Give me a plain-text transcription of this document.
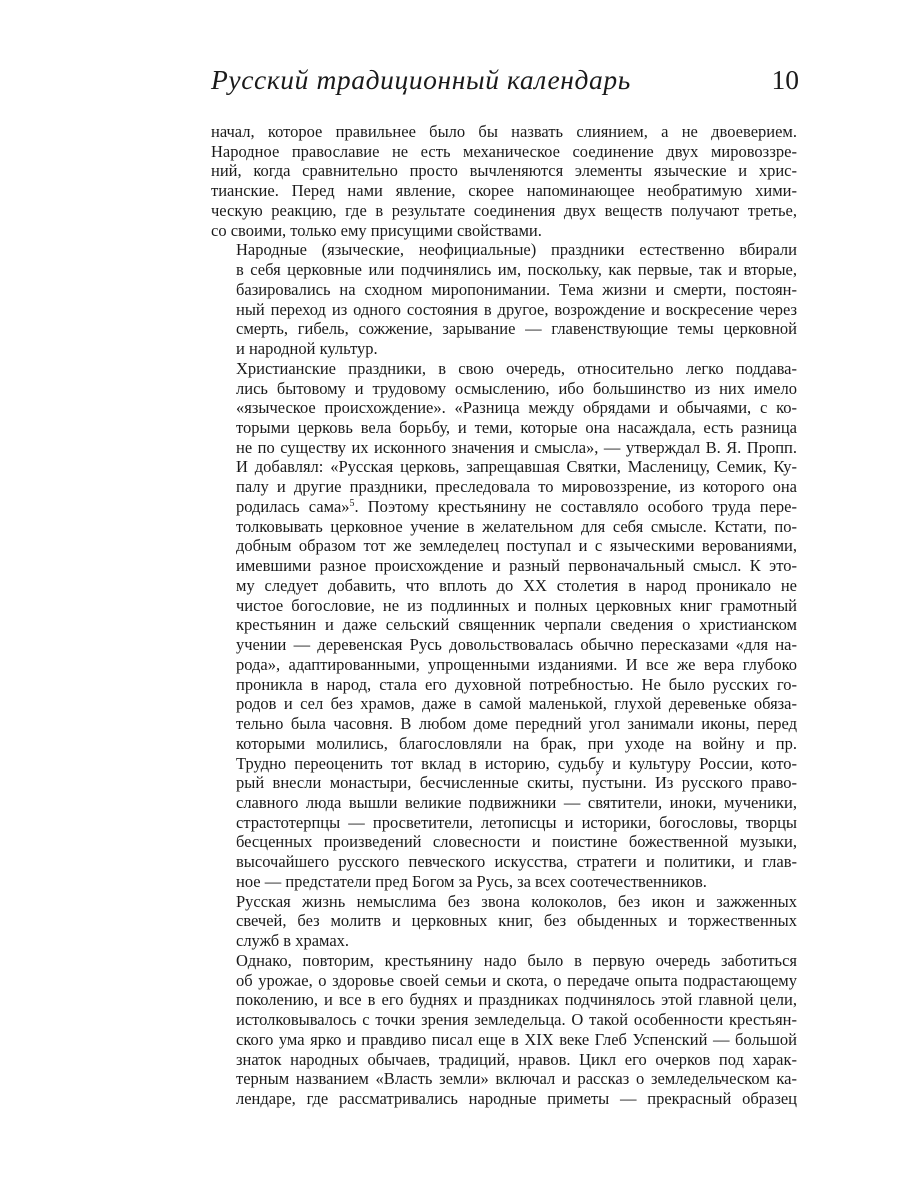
Русский традиционный календарь	10
начал, которое правильнее было бы назвать слиянием, а не двоеверием.
Народное православие не есть механическое соединение двух мировоззре-
ний, когда сравнительно просто вычленяются элементы языческие и хрис-
тианские. Перед нами явление, скорее напоминающее необратимую хими-
ческую реакцию, где в результате соединения двух веществ получают третье,
со своими, только ему присущими свойствами.
Народные (языческие, неофициальные) праздники естественно вбирали
в себя церковные или подчинялись им, поскольку, как первые, так и вторые,
базировались на сходном миропонимании. Тема жизни и смерти, постоян-
ный переход из одного состояния в другое, возрождение и воскресение через
смерть, гибель, сожжение, зарывание — главенствующие темы церковной
и народной культур.
Христианские праздники, в свою очередь, относительно легко поддава-
лись бытовому и трудовому осмыслению, ибо большинство из них имело
«языческое происхождение». «Разница между обрядами и обычаями, с ко-
торыми церковь вела борьбу, и теми, которые она насаждала, есть разница
не по существу их исконного значения и смысла», — утверждал В. Я. Пропп.
И добавлял: «Русская церковь, запрещавшая Святки, Масленицу, Семик, Ку-
палу и другие праздники, преследовала то мировоззрение, из которого она
родилась сама»$^5$. Поэтому крестьянину не составляло особого труда пере-
толковывать церковное учение в желательном для себя смысле. Кстати, по-
добным образом тот же земледелец поступал и с языческими верованиями,
имевшими разное происхождение и разный первоначальный смысл. К это-
му следует добавить, что вплоть до XX столетия в народ проникало не
чистое богословие, не из подлинных и полных церковных книг грамотный
крестьянин и даже сельский священник черпали сведения о христианском
учении — деревенская Русь довольствовалась обычно пересказами «для на-
рода», адаптированными, упрощенными изданиями. И все же вера глубоко
проникла в народ, стала его духовной потребностью. Не было русских го-
родов и сел без храмов, даже в самой маленькой, глухой деревеньке обяза-
тельно была часовня. В любом доме передний угол занимали иконы, перед
которыми молились, благословляли на брак, при уходе на войну и пр.
Трудно переоценить тот вклад в историю, судьбу и культуру России, кото-
рый внесли монастыри, бесчисленные скиты, пу́стыни. Из русского право-
славного люда вышли великие подвижники — святители, иноки, мученики,
страстотерпцы — просветители, летописцы и историки, богословы, творцы
бесценных произведений словесности и поистине божественной музыки,
высочайшего русского певческого искусства, стратеги и политики, и глав-
ное — предстатели пред Богом за Русь, за всех соотечественников.
Русская жизнь немыслима без звона колоколов, без икон и зажженных
свечей, без молитв и церковных книг, без обыденных и торжественных
служб в храмах.
Однако, повторим, крестьянину надо было в первую очередь заботиться
об урожае, о здоровье своей семьи и скота, о передаче опыта подрастающему
поколению, и все в его буднях и праздниках подчинялось этой главной цели,
истолковывалось с точки зрения земледельца. О такой особенности крестьян-
ского ума ярко и правдиво писал еще в XIX веке Глеб Успенский — большой
знаток народных обычаев, традиций, нравов. Цикл его очерков под харак-
терным названием «Власть земли» включал и рассказ о земледельческом ка-
лендаре, где рассматривались народные приметы — прекрасный образец
